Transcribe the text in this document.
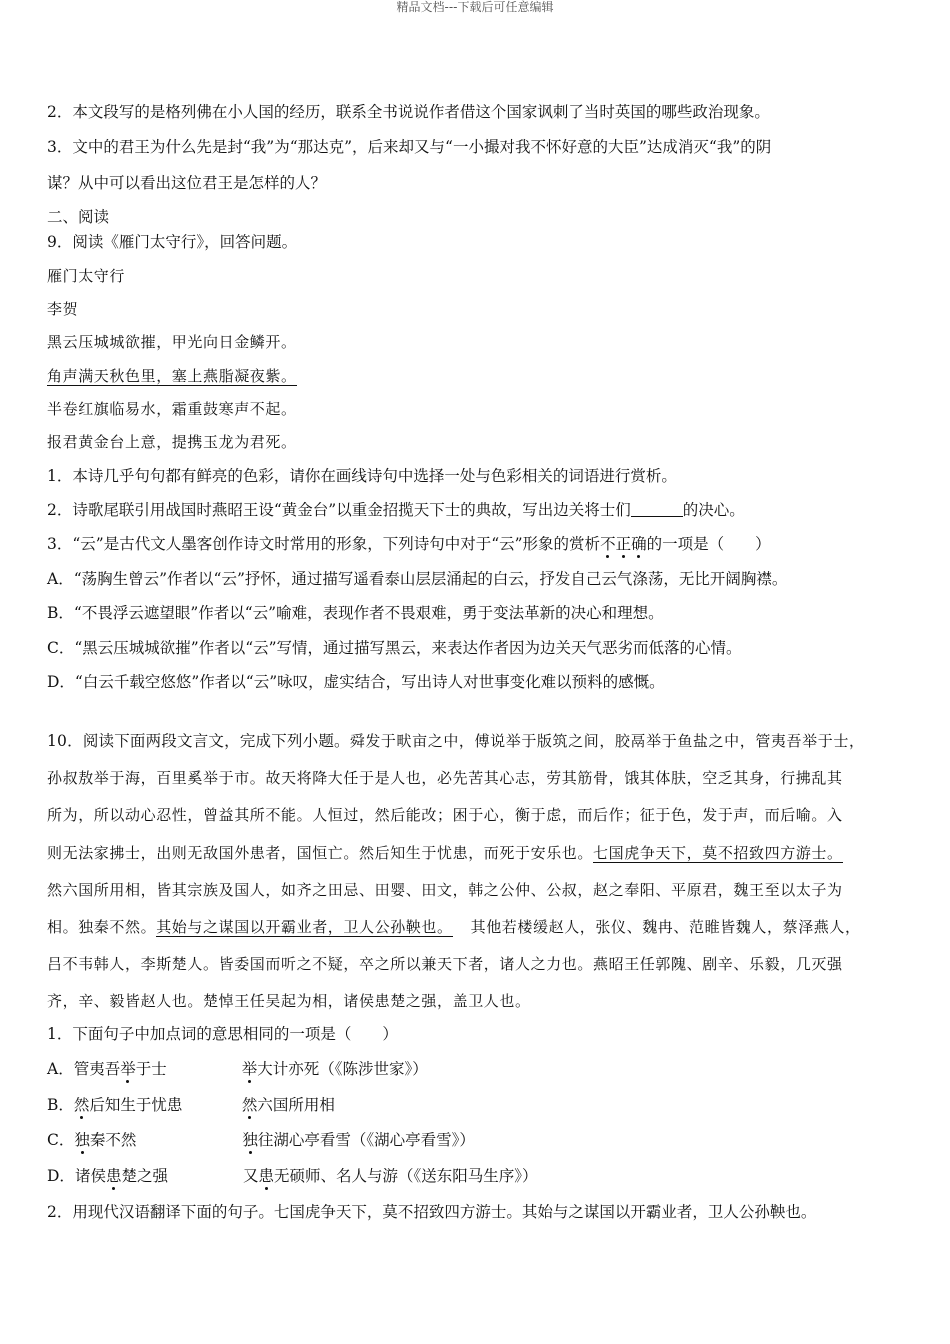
精品文档---下载后可任意编辑
2．本文段写的是格列佛在小人国的经历，联系全书说说作者借这个国家讽刺了当时英国的哪些政治现象。
3．文中的君王为什么先是封“我”为“那达克”，后来却又与“一小撮对我不怀好意的大臣”达成消灭“我”的阴
谋？从中可以看出这位君王是怎样的人？
二、阅读
9．阅读《雁门太守行》，回答问题。
雁门太守行
李贺
黑云压城城欲摧，甲光向日金鳞开。
角声满天秋色里，塞上燕脂凝夜紫。
半卷红旗临易水，霜重鼓寒声不起。
报君黄金台上意，提携玉龙为君死。
1．本诗几乎句句都有鲜亮的色彩，请你在画线诗句中选择一处与色彩相关的词语进行赏析。
2．诗歌尾联引用战国时燕昭王设“黄金台”以重金招揽天下士的典故，写出边关将士们	的决心。
3．“云”是古代文人墨客创作诗文时常用的形象，下列诗句中对于“云”形象的赏析不正确的一项是（　　）
A．“荡胸生曾云”作者以“云”抒怀，通过描写遥看泰山层层涌起的白云，抒发自己云气涤荡，无比开阔胸襟。
B．“不畏浮云遮望眼”作者以“云”喻难，表现作者不畏艰难，勇于变法革新的决心和理想。
C．“黑云压城城欲摧”作者以“云”写情，通过描写黑云，来表达作者因为边关天气恶劣而低落的心情。
D．“白云千载空悠悠”作者以“云”咏叹，虚实结合，写出诗人对世事变化难以预料的感慨。
10．阅读下面两段文言文，完成下列小题。舜发于畎亩之中，傅说举于版筑之间，胶鬲举于鱼盐之中，管夷吾举于士，
孙叔敖举于海，百里奚举于市。故天将降大任于是人也，必先苦其心志，劳其筋骨，饿其体肤，空乏其身，行拂乱其
所为，所以动心忍性，曾益其所不能。人恒过，然后能改；困于心，衡于虑，而后作；征于色，发于声，而后喻。入
则无法家拂士，出则无敌国外患者，国恒亡。然后知生于忧患，而死于安乐也。七国虎争天下，莫不招致四方游士。
然六国所用相，皆其宗族及国人，如齐之田忌、田婴、田文，韩之公仲、公叔，赵之奉阳、平原君，魏王至以太子为
相。独秦不然。其始与之谋国以开霸业者，卫人公孙鞅也。 其他若楼缓赵人，张仪、魏冉、范睢皆魏人，蔡泽燕人，
吕不韦韩人，李斯楚人。皆委国而听之不疑，卒之所以兼天下者，诸人之力也。燕昭王任郭隗、剧辛、乐毅，几灭强
齐，辛、毅皆赵人也。楚悼王任吴起为相，诸侯患楚之强，盖卫人也。
1．下面句子中加点词的意思相同的一项是（　　）
A．管夷吾举于士	举大计亦死（《陈涉世家》）
B．然后知生于忧患	然六国所用相
C．独秦不然	独往湖心亭看雪（《湖心亭看雪》）
D．诸侯患楚之强	又患无硕师、名人与游（《送东阳马生序》）
2．用现代汉语翻译下面的句子。七国虎争天下，莫不招致四方游士。其始与之谋国以开霸业者，卫人公孙鞅也。
